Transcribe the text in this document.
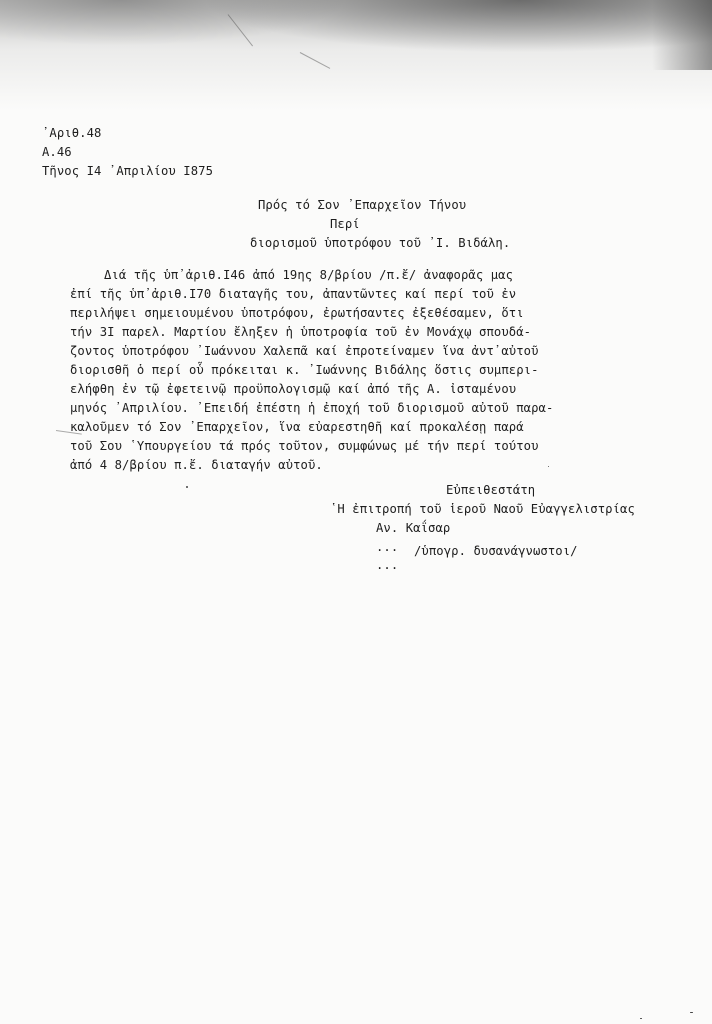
᾿Αριθ.48
Α.46
Τῆνος Ι4 ᾿Απριλίου Ι875
Πρός τό Σον ᾿Επαρχεῖον Τήνου
Περί
διορισμοῦ ὑποτρόφου τοῦ ᾿Ι. Βιδάλη.
Διά τῆς ὑπ᾿ἀριθ.Ι46 ἀπό 19ης 8/βρίου /π.ἔ/ ἀναφορᾶς μας
ἐπί τῆς ὑπ᾿ἀριθ.Ι70 διαταγῆς του, ἀπαντῶντες καί περί τοῦ ἐν
περιλήψει σημειουμένου ὑποτρόφου, ἐρωτήσαντες ἐξεθέσαμεν, ὅτι
τήν 3Ι παρελ. Μαρτίου ἔληξεν ἡ ὑποτροφία τοῦ ἐν Μονάχῳ σπουδά-
ζοντος ὑποτρόφου ᾿Ιωάννου Χαλεπᾶ καί ἐπροτείναμεν ἵνα ἀντ᾿αὐτοῦ
διορισθῆ ὁ περί οὗ πρόκειται κ. ᾿Ιωάννης Βιδάλης ὅστις συμπερι-
ελήφθη ἐν τῷ ἐφετεινῷ προϋπολογισμῷ καί ἀπό τῆς Α. ἰσταμένου
μηνός ᾿Απριλίου. ᾿Επειδή ἐπέστη ἡ ἐποχή τοῦ διορισμοῦ αὐτοῦ παρα-
καλοῦμεν τό Σον ᾿Επαρχεῖον, ἵνα εὐαρεστηθῆ καί προκαλέσῃ παρά
τοῦ Σου ῾Υπουργείου τά πρός τοῦτον, συμφώνως μέ τήν περί τούτου
ἀπό 4 8/βρίου π.ἔ. διαταγήν αὐτοῦ.
Εὐπειθεστάτη
῾Η ἐπιτροπή τοῦ ἱεροῦ Ναοῦ Εὐαγγελιστρίας
Αν. Καΐσαρ
... /ὑπογρ. δυσανάγνωστοι/
...
